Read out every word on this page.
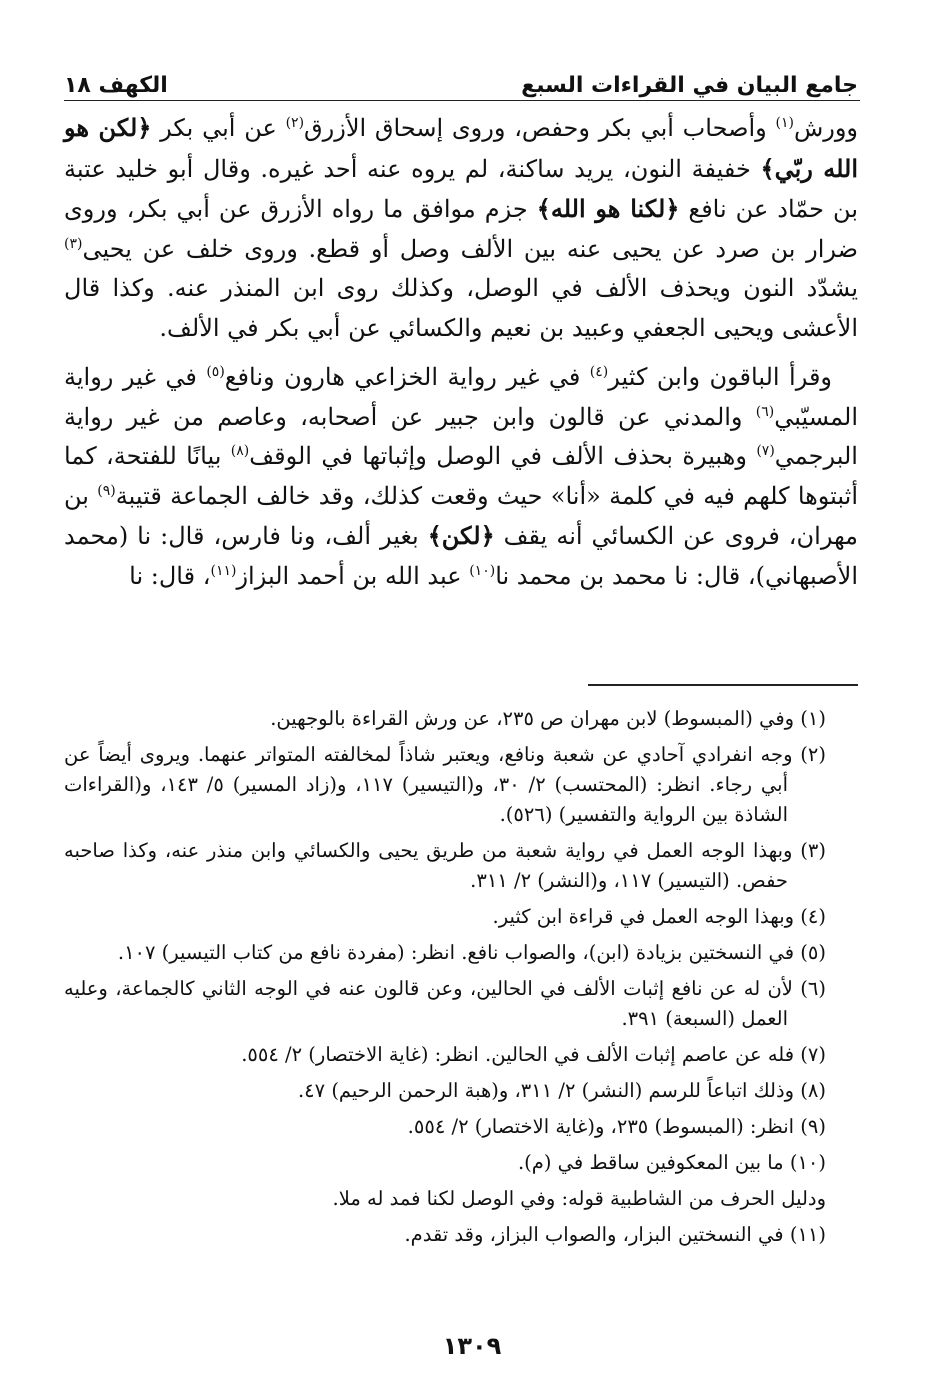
جامع البيان في القراءات السبع
الكهف ١٨

وورش$^{(١)}$ وأصحاب أبي بكر وحفص، وروى إسحاق الأزرق$^{(٢)}$ عن أبي بكر ﴿لكن هو الله ربّي﴾ خفيفة النون، يريد ساكنة، لم يروه عنه أحد غيره. وقال أبو خليد عتبة بن حمّاد عن نافع ﴿لكنا هو الله﴾ جزم موافق ما رواه الأزرق عن أبي بكر، وروى ضرار بن صرد عن يحيى عنه بين الألف وصل أو قطع. وروى خلف عن يحيى$^{(٣)}$ يشدّد النون ويحذف الألف في الوصل، وكذلك روى ابن المنذر عنه. وكذا قال الأعشى ويحيى الجعفي وعبيد بن نعيم والكسائي عن أبي بكر في الألف.

وقرأ الباقون وابن كثير$^{(٤)}$ في غير رواية الخزاعي هارون ونافع$^{(٥)}$ في غير رواية المسيّبي$^{(٦)}$ والمدني عن قالون وابن جبير عن أصحابه، وعاصم من غير رواية البرجمي$^{(٧)}$ وهبيرة بحذف الألف في الوصل وإثباتها في الوقف$^{(٨)}$ بيانًا للفتحة، كما أثبتوها كلهم فيه في كلمة «أنا» حيث وقعت كذلك، وقد خالف الجماعة قتيبة$^{(٩)}$ بن مهران، فروى عن الكسائي أنه يقف ﴿لكن﴾ بغير ألف، ونا فارس، قال: نا (محمد الأصبهاني)، قال: نا محمد بن محمد نا$^{(١٠)}$ عبد الله بن أحمد البزاز$^{(١١)}$، قال: نا

(١) وفي (المبسوط) لابن مهران ص ٢٣٥، عن ورش القراءة بالوجهين.
(٢) وجه انفرادي آحادي عن شعبة ونافع، ويعتبر شاذاً لمخالفته المتواتر عنهما. ويروى أيضاً عن أبي رجاء. انظر: (المحتسب) ٢/ ٣٠، و(التيسير) ١١٧، و(زاد المسير) ٥/ ١٤٣، و(القراءات الشاذة بين الرواية والتفسير) (٥٢٦).
(٣) وبهذا الوجه العمل في رواية شعبة من طريق يحيى والكسائي وابن منذر عنه، وكذا صاحبه حفص. (التيسير) ١١٧، و(النشر) ٢/ ٣١١.
(٤) وبهذا الوجه العمل في قراءة ابن كثير.
(٥) في النسختين بزيادة (ابن)، والصواب نافع. انظر: (مفردة نافع من كتاب التيسير) ١٠٧.
(٦) لأن له عن نافع إثبات الألف في الحالين، وعن قالون عنه في الوجه الثاني كالجماعة، وعليه العمل (السبعة) ٣٩١.
(٧) فله عن عاصم إثبات الألف في الحالين. انظر: (غاية الاختصار) ٢/ ٥٥٤.
(٨) وذلك اتباعاً للرسم (النشر) ٢/ ٣١١، و(هبة الرحمن الرحيم) ٤٧.
(٩) انظر: (المبسوط) ٢٣٥، و(غاية الاختصار) ٢/ ٥٥٤.
(١٠) ما بين المعكوفين ساقط في (م).
ودليل الحرف من الشاطبية قوله: وفي الوصل لكنا فمد له ملا.
(١١) في النسختين البزار، والصواب البزاز، وقد تقدم.
١٣٠٩
